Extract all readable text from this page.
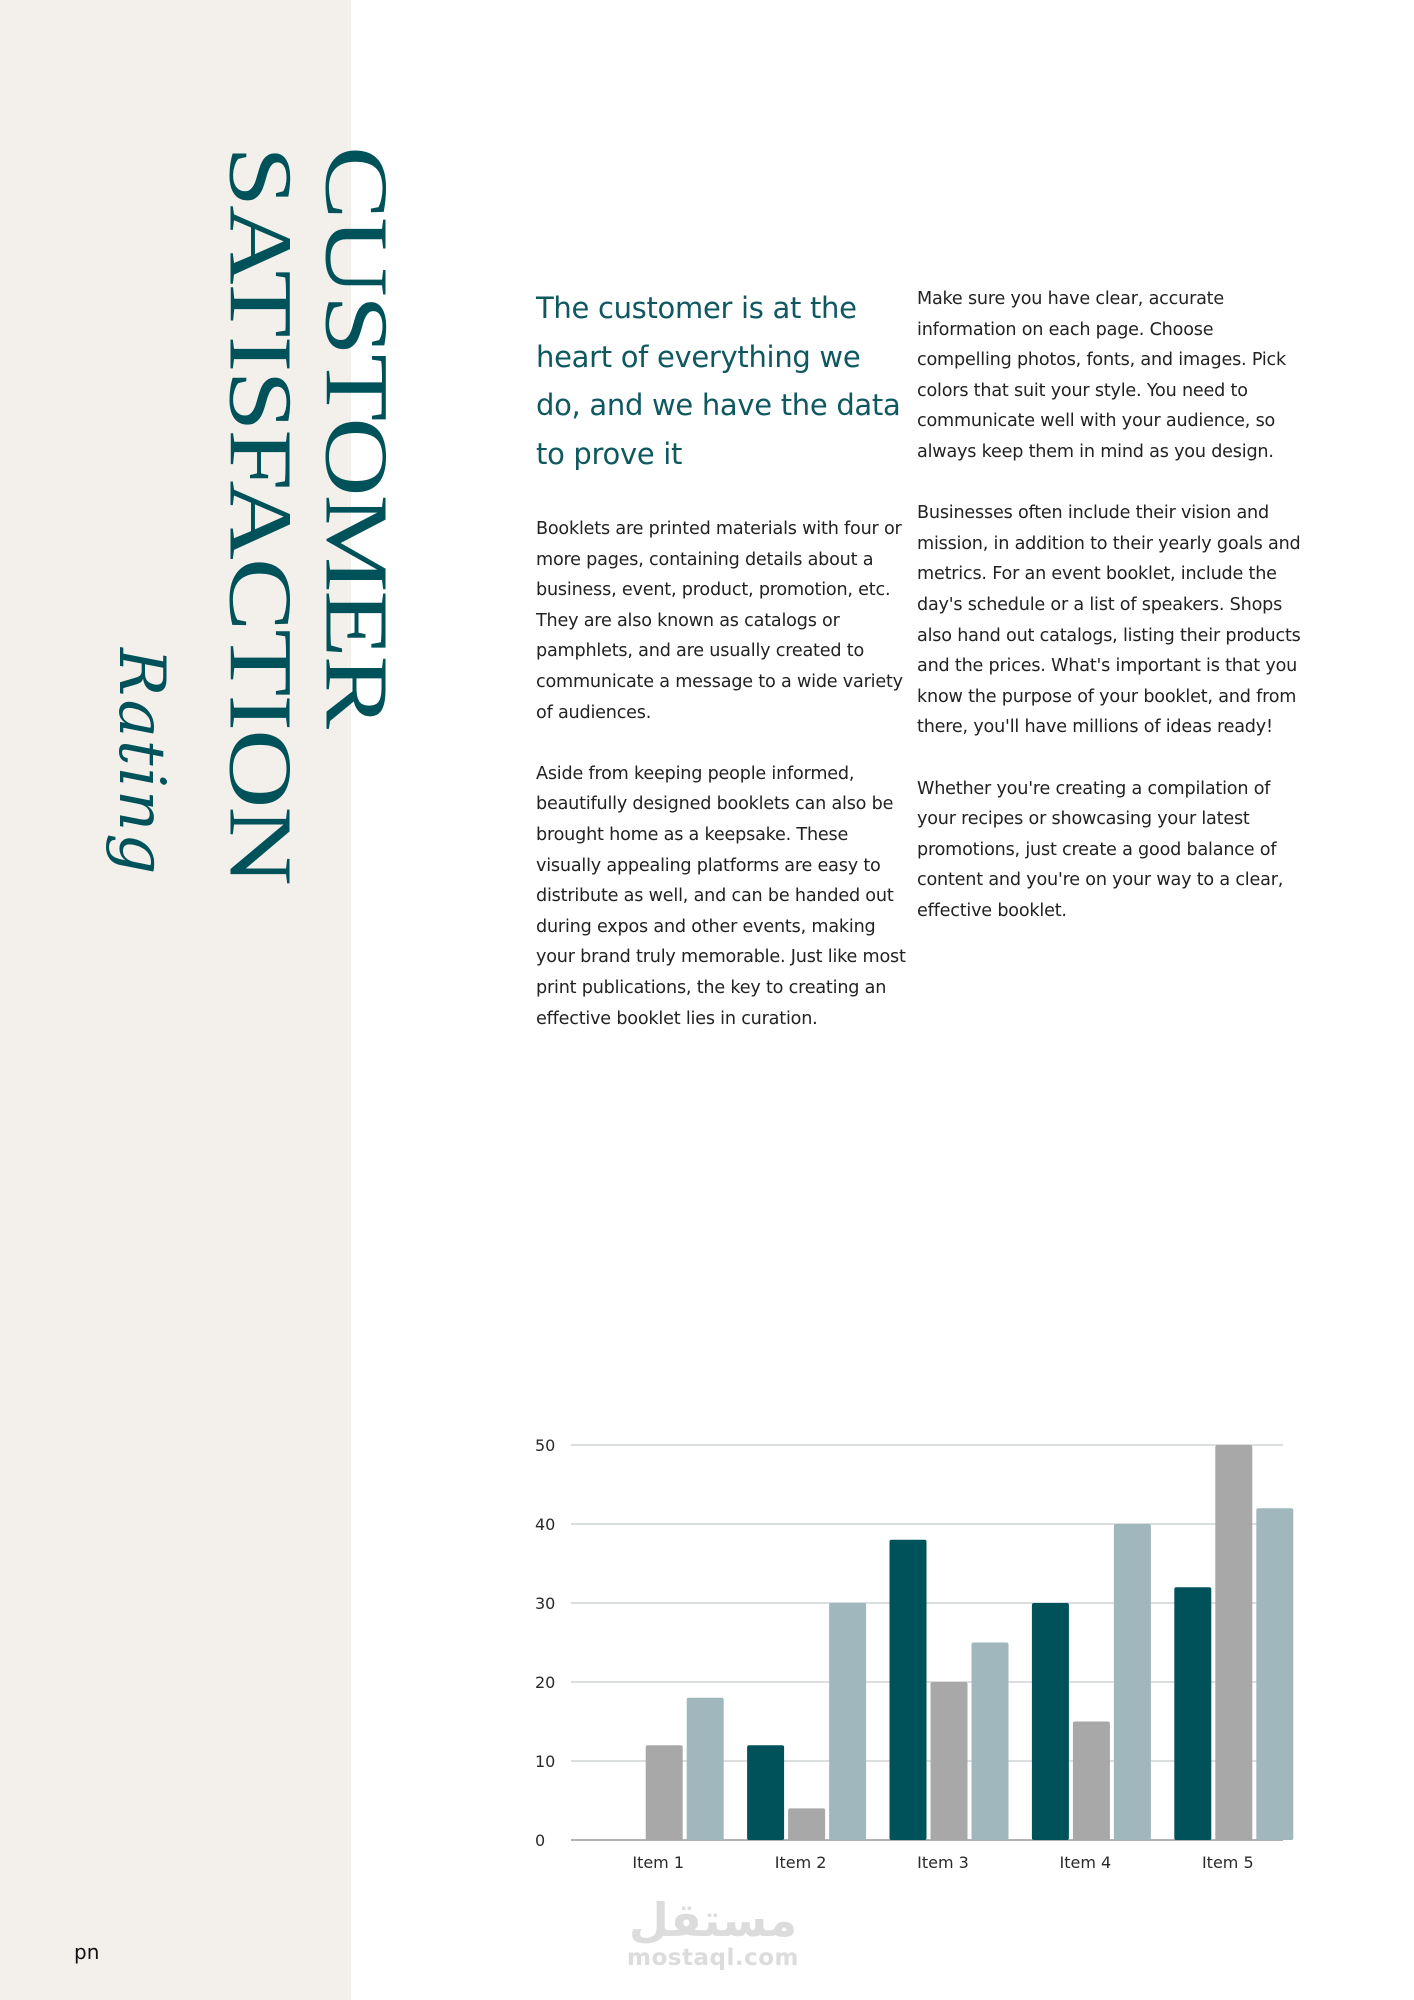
CUSTOMER
SATISFACTION
Rating
The customer is at the heart of everything we do, and we have the data to prove it

Booklets are printed materials with four or more pages, containing details about a business, event, product, promotion, etc. They are also known as catalogs or pamphlets, and are usually created to communicate a message to a wide variety of audiences.

Aside from keeping people informed, beautifully designed booklets can also be brought home as a keepsake. These visually appealing platforms are easy to distribute as well, and can be handed out during expos and other events, making your brand truly memorable. Just like most print publications, the key to creating an effective booklet lies in curation.

Make sure you have clear, accurate information on each page. Choose compelling photos, fonts, and images. Pick colors that suit your style. You need to communicate well with your audience, so always keep them in mind as you design.

Businesses often include their vision and mission, in addition to their yearly goals and metrics. For an event booklet, include the day's schedule or a list of speakers. Shops also hand out catalogs, listing their products and the prices. What's important is that you know the purpose of your booklet, and from there, you'll have millions of ideas ready!

Whether you're creating a compilation of your recipes or showcasing your latest promotions, just create a good balance of content and you're on your way to a clear, effective booklet.

0
10
20
30
40
50
Item 1	Item 2	Item 3	Item 4	Item 5
pn
مستقل
mostaql.com
